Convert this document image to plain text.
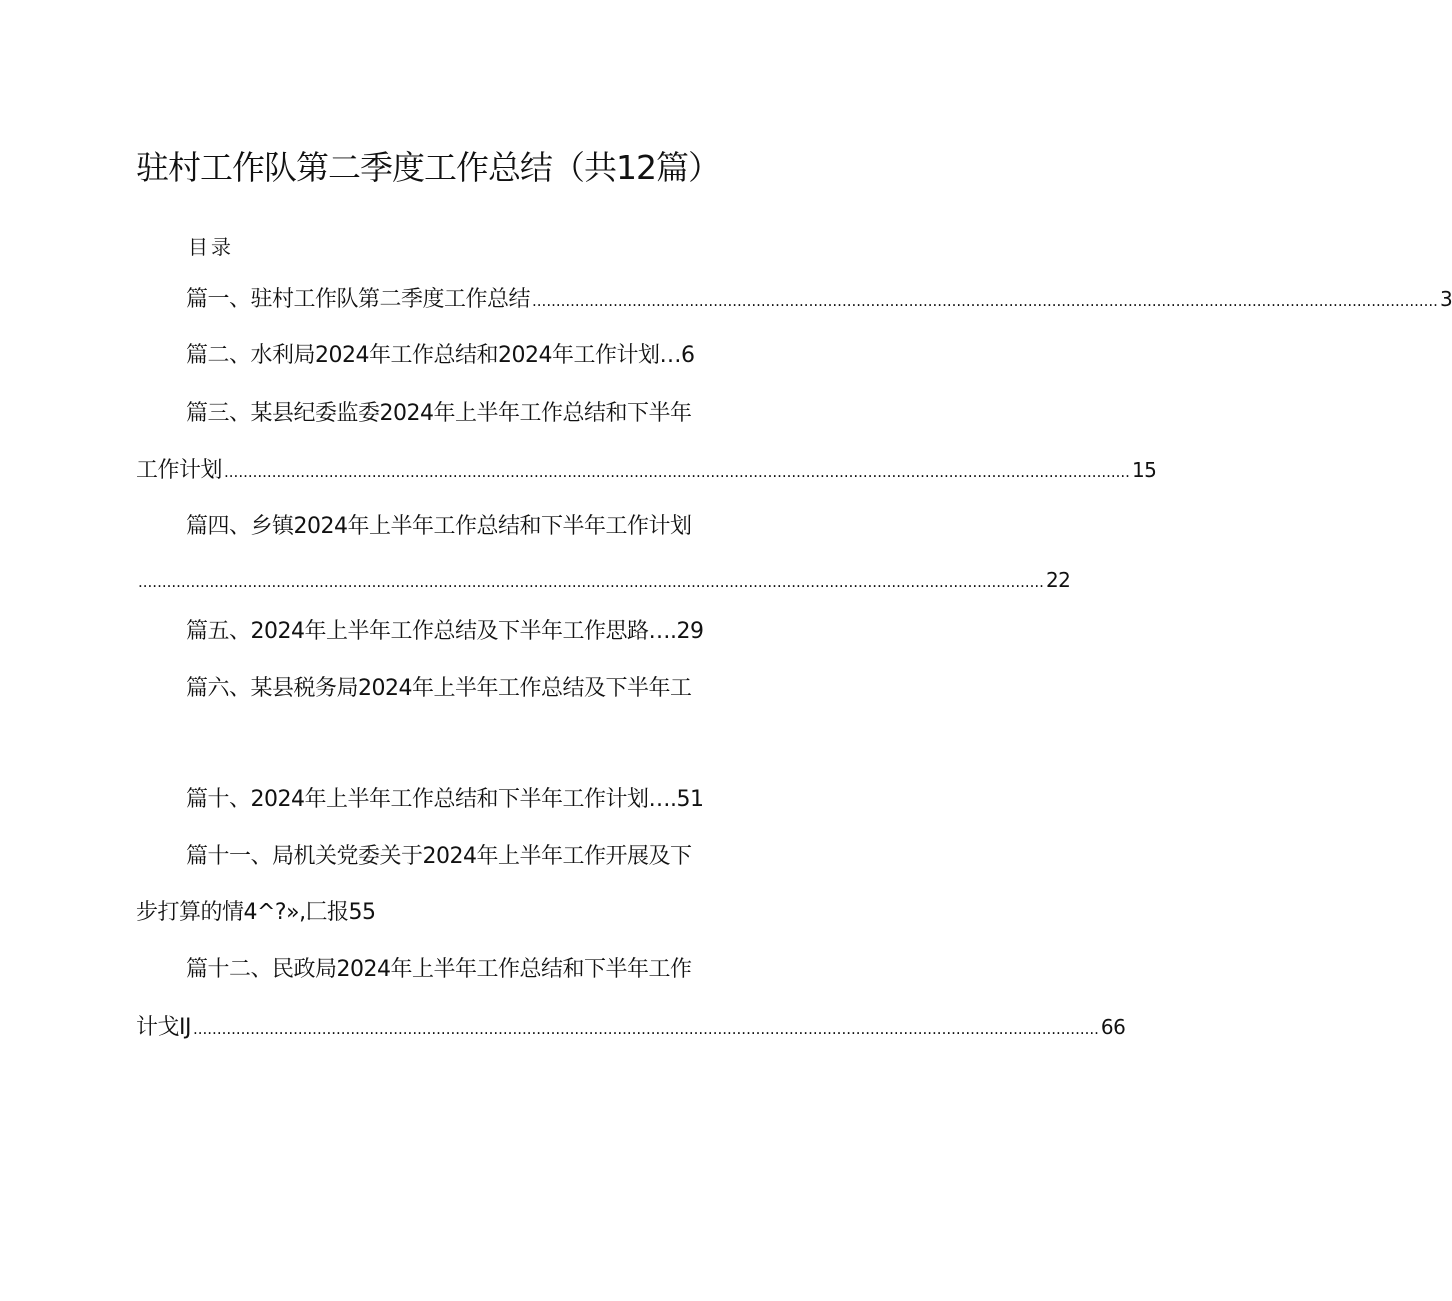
驻村工作队第二季度工作总结（共12篇）
目录
篇一、驻村工作队第二季度工作总结 .............................................................................................................................................................................................. 3
篇二、水利局2024年工作总结和2024年工作计划…6
篇三、某县纪委监委2024年上半年工作总结和下半年
工作计划 .............................................................................................................................................................................................. 15
篇四、乡镇2024年上半年工作总结和下半年工作计划
.............................................................................................................................................................................................. 22
篇五、2024年上半年工作总结及下半年工作思路….29
篇六、某县税务局2024年上半年工作总结及下半年工
篇十、2024年上半年工作总结和下半年工作计划….51
篇十一、局机关党委关于2024年上半年工作开展及下
步打算的情4^?»,匚报55
篇十二、民政局2024年上半年工作总结和下半年工作
计戈IJ .............................................................................................................................................................................................. 66
